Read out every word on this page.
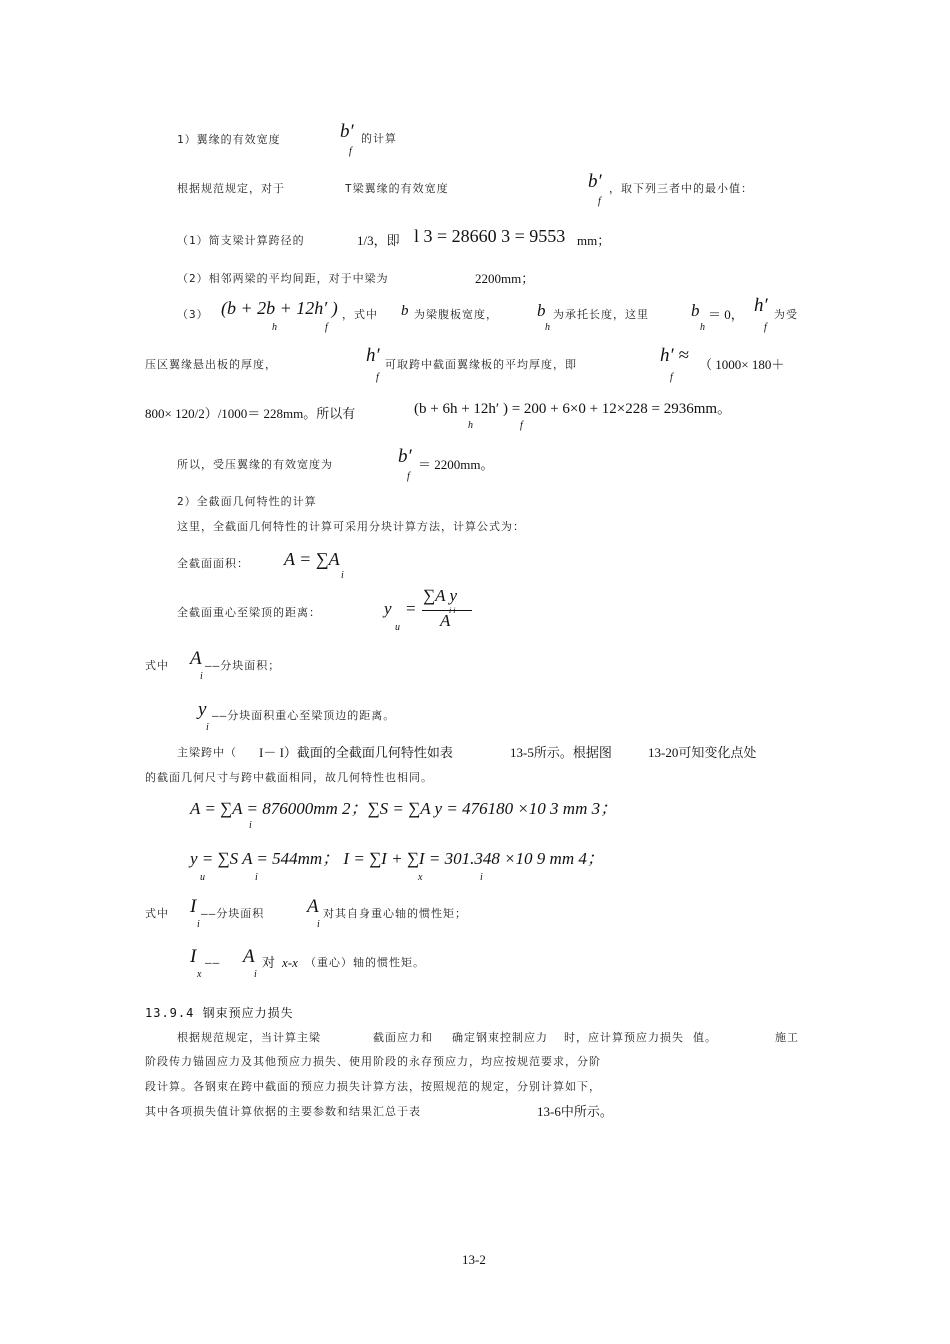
1）翼缘的有效宽度	b′
f
的计算
根据规范规定，对于	T梁翼缘的有效宽度	b′
f
，取下列三者中的最小值：
（1）简支梁计算跨径的	1/3，即 l 3 = 28660 3 = 9553 mm；
（2）相邻两梁的平均间距，对于中梁为	2200mm；
（3） (b + 2b + 12h′ )
h	f
，式中 b 为梁腹板宽度， b
h
为承托长度，这里 b
h
＝ 0， h′
f
为受
压区翼缘悬出板的厚度，	h′
f
可取跨中截面翼缘板的平均厚度，即	h′ ≈
f
（ 1000× 180＋
800× 120/2）/1000＝ 228mm。所以有	(b + 6h + 12h′ ) = 200 + 6×0 + 12×228 = 2936mm。
h	f
所以，受压翼缘的有效宽度为	b′
f
＝ 2200mm。
2）全截面几何特性的计算
这里，全截面几何特性的计算可采用分块计算方法，计算公式为：
全截面面积： A = ∑A
i
全截面重心至梁顶的距离：	y
u
=
∑A y
A
式中 A
i
——分块面积；
y
i
——分块面积重心至梁顶边的距离。
主梁跨中（ I－ I）截面的全截面几何特性如表	13-5所示。根据图	13-20可知变化点处
的截面几何尺寸与跨中截面相同，故几何特性也相同。
A = ∑A = 876000mm 2；∑S = ∑A y = 476180 ×10 3 mm 3；
i
y = ∑S A = 544mm； I = ∑I + ∑I = 301.348 ×10 9 mm 4；
u	i	x	i
式中 I
i
——分块面积 A
i
对其自身重心轴的惯性矩；
I
x
—— A
i
对 x-x （重心）轴的惯性矩。
13.9.4 钢束预应力损失
根据规范规定，当计算主梁	截面应力和 确定钢束控制应力 时，应计算预应力损失 值。	施工
阶段传力锚固应力及其他预应力损失、使用阶段的永存预应力，均应按规范要求，分阶
段计算。各钢束在跨中截面的预应力损失计算方法，按照规范的规定，分别计算如下，
其中各项损失值计算依据的主要参数和结果汇总于表	13-6中所示。
13-2
